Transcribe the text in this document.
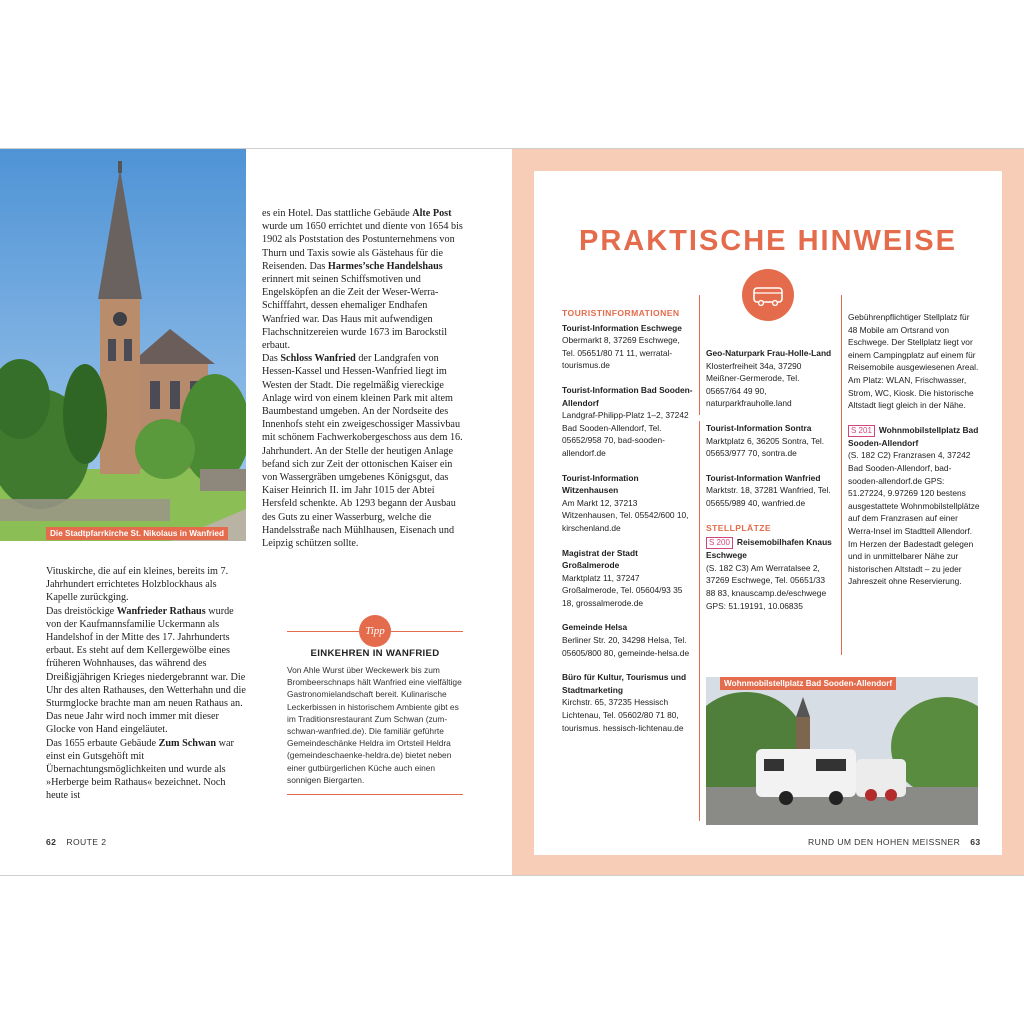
Die Stadtpfarrkirche St. Nikolaus in Wanfried

Vituskirche, die auf ein kleines, bereits im 7. Jahrhundert errichtetes Holzblockhaus als Kapelle zurückging.

Das dreistöckige Wanfrieder Rathaus wurde von der Kaufmannsfamilie Uckermann als Handelshof in der Mitte des 17. Jahrhunderts erbaut. Es steht auf dem Kellergewölbe eines früheren Wohnhauses, das während des Dreißigjährigen Krieges niedergebrannt war. Die Uhr des alten Rathauses, den Wetterhahn und die Sturmglocke brachte man am neuen Rathaus an. Das neue Jahr wird noch immer mit dieser Glocke von Hand eingeläutet.

Das 1655 erbaute Gebäude Zum Schwan war einst ein Gutsgehöft mit Übernachtungsmöglichkeiten und wurde als »Herberge beim Rathaus« bezeichnet. Noch heute ist

es ein Hotel. Das stattliche Gebäude Alte Post wurde um 1650 errichtet und diente von 1654 bis 1902 als Poststation des Postunternehmens von Thurn und Taxis sowie als Gästehaus für die Reisenden. Das Harmes’sche Handelshaus erinnert mit seinen Schiffsmotiven und Engelsköpfen an die Zeit der Weser-Werra-Schifffahrt, dessen ehemaliger Endhafen Wanfried war. Das Haus mit aufwendigen Flachschnitzereien wurde 1673 im Barockstil erbaut.

Das Schloss Wanfried der Landgrafen von Hessen-Kassel und Hessen-Wanfried liegt im Westen der Stadt. Die regelmäßig viereckige Anlage wird von einem kleinen Park mit altem Baumbestand umgeben. An der Nordseite des Innenhofs steht ein zweigeschossiger Massivbau mit schönem Fachwerkobergeschoss aus dem 16. Jahrhundert. An der Stelle der heutigen Anlage befand sich zur Zeit der ottonischen Kaiser ein von Wassergräben umgebenes Königsgut, das Kaiser Heinrich II. im Jahr 1015 der Abtei Hersfeld schenkte. Ab 1293 begann der Ausbau des Guts zu einer Wasserburg, welche die Handelsstraße nach Mühlhausen, Eisenach und Leipzig schützen sollte.

Tipp
EINKEHREN IN WANFRIED
Von Ahle Wurst über Weckewerk bis zum Brombeerschnaps hält Wanfried eine vielfältige Gastronomielandschaft bereit. Kulinarische Leckerbissen in historischem Ambiente gibt es im Traditionsrestaurant Zum Schwan (zum-schwan-wanfried.de). Die familiär geführte Gemeindeschänke Heldra im Ortsteil Heldra (gemeindeschaenke-heldra.de) bietet neben einer gutbürgerlichen Küche auch einen sonnigen Biergarten.
62 ROUTE 2
PRAKTISCHE HINWEISE
TOURISTINFORMATIONEN
Tourist-Information Eschwege
Obermarkt 8, 37269 Eschwege, Tel. 05651/80 71 11, werratal-tourismus.de
Tourist-Information Bad Sooden-Allendorf
Landgraf-Philipp-Platz 1–2, 37242 Bad Sooden-Allendorf, Tel. 05652/958 70, bad-sooden-allendorf.de
Tourist-Information Witzenhausen
Am Markt 12, 37213 Witzenhausen, Tel. 05542/600 10, kirschenland.de
Magistrat der Stadt Großalmerode
Marktplatz 11, 37247 Großalmerode, Tel. 05604/93 35 18, grossalmerode.de
Gemeinde Helsa
Berliner Str. 20, 34298 Helsa, Tel. 05605/800 80, gemeinde-helsa.de
Büro für Kultur, Tourismus und Stadtmarketing
Kirchstr. 65, 37235 Hessisch Lichtenau, Tel. 05602/80 71 80, tourismus. hessisch-lichtenau.de
Geo-Naturpark Frau-Holle-Land
Klosterfreiheit 34a, 37290 Meißner-Germerode, Tel. 05657/64 49 90, naturparkfrauholle.land
Tourist-Information Sontra
Marktplatz 6, 36205 Sontra, Tel. 05653/977 70, sontra.de
Tourist-Information Wanfried
Marktstr. 18, 37281 Wanfried, Tel. 05655/989 40, wanfried.de
STELLPLÄTZE
S 200 Reisemobilhafen Knaus Eschwege
(S. 182 C3) Am Werratalsee 2, 37269 Eschwege, Tel. 05651/33 88 83, knauscamp.de/eschwege GPS: 51.19191, 10.06835
Gebührenpflichtiger Stellplatz für 48 Mobile am Ortsrand von Eschwege. Der Stellplatz liegt vor einem Campingplatz auf einem für Reisemobile ausgewiesenen Areal. Am Platz: WLAN, Frischwasser, Strom, WC, Kiosk. Die historische Altstadt liegt gleich in der Nähe.
S 201 Wohnmobilstellplatz Bad Sooden-Allendorf
(S. 182 C2) Franzrasen 4, 37242 Bad Sooden-Allendorf, bad-sooden-allendorf.de GPS: 51.27224, 9.97269 120 bestens ausgestattete Wohnmobilstellplätze auf dem Franzrasen auf einer Werra-Insel im Stadtteil Allendorf. Im Herzen der Badestadt gelegen und in unmittelbarer Nähe zur historischen Altstadt – zu jeder Jahreszeit ohne Reservierung.
Wohnmobilstellplatz Bad Sooden-Allendorf
RUND UM DEN HOHEN MEISSNER 63
